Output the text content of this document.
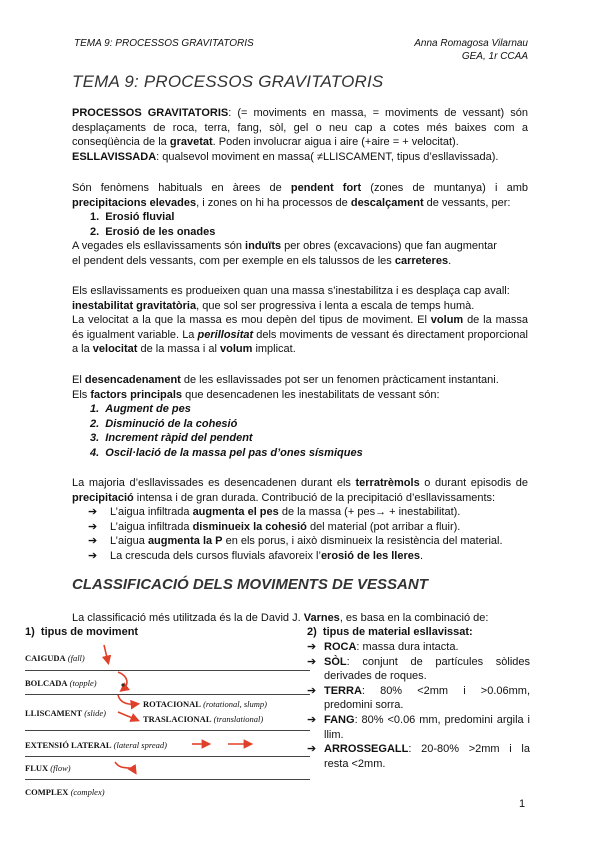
TEMA 9: PROCESSOS GRAVITATORIS	Anna Romagosa Vilarnau
GEA, 1r CCAA
TEMA 9: PROCESSOS GRAVITATORIS

PROCESSOS GRAVITATORIS: (= moviments en massa, = moviments de vessant) són desplaçaments de roca, terra, fang, sòl, gel o neu cap a cotes més baixes com a conseqüència de la gravetat. Poden involucrar aigua i aire (+aire = + velocitat).

ESLLAVISSADA: qualsevol moviment en massa( ≠LLISCAMENT, tipus d’esllavissada).

Són fenòmens habituals en àrees de pendent fort (zones de muntanya) i amb precipitacions elevades, i zones on hi ha processos de descalçament de vessants, per:

1.  Erosió fluvial
2.  Erosió de les onades

A vegades els esllavissaments són induïts per obres (excavacions) que fan augmentar
el pendent dels vessants, com per exemple en els talussos de les carreteres.

Els esllavissaments es produeixen quan una massa s’inestabilitza i es desplaça cap avall:
inestabilitat gravitatòria, que sol ser progressiva i lenta a escala de temps humà.

La velocitat a la que la massa es mou depèn del tipus de moviment. El volum de la massa és igualment variable. La perillositat dels moviments de vessant és directament proporcional a la velocitat de la massa i al volum implicat.

El desencadenament de les esllavissades pot ser un fenomen pràcticament instantani.
Els factors principals que desencadenen les inestabilitats de vessant són:

1.  Augment de pes
2.  Disminució de la cohesió
3.  Increment ràpid del pendent
4.  Oscil·lació de la massa pel pas d’ones sísmiques

La majoria d’esllavissades es desencadenen durant els terratrèmols o durant episodis de precipitació intensa i de gran durada. Contribució de la precipitació d’esllavissaments:

➔ L’aigua infiltrada augmenta el pes de la massa (+ pes→ + inestabilitat).
➔ L’aigua infiltrada disminueix la cohesió del material (pot arribar a fluir).
➔ L’aigua augmenta la P en els porus, i això disminueix la resistència del material.
➔ La crescuda dels cursos fluvials afavoreix l’erosió de les lleres.
CLASSIFICACIÓ DELS MOVIMENTS DE VESSANT

La classificació més utilitzada és la de David J. Varnes, es basa en la combinació de:

1) tipus de moviment	2) tipus de material esllavissat:
CAIGUDA (fall)
BOLCADA (topple)
LLISCAMENT (slide)
ROTACIONAL (rotational, slump)
TRASLACIONAL (translational)
EXTENSIÓ LATERAL (lateral spread)
FLUX (flow)
COMPLEX (complex)
➔ ROCA: massa dura intacta.
➔ SÒL: conjunt de partícules sòlides derivades de roques.
➔ TERRA: 80% <2mm i >0.06mm, predomini sorra.
➔ FANG: 80% <0.06 mm, predomini argila i llim.
➔ ARROSSEGALL: 20-80% >2mm i la resta <2mm.
1
